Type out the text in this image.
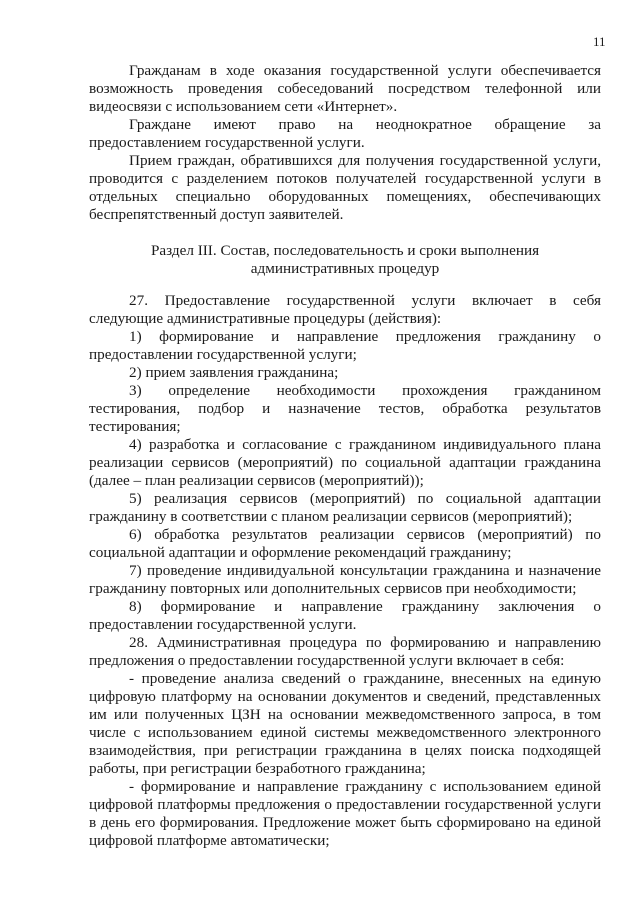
11

Гражданам в ходе оказания государственной услуги обеспечивается возможность проведения собеседований посредством телефонной или видеосвязи с использованием сети «Интернет».

Граждане имеют право на неоднократное обращение за предоставлением государственной услуги.

Прием граждан, обратившихся для получения государственной услуги, проводится с разделением потоков получателей государственной услуги в отдельных специально оборудованных помещениях, обеспечивающих беспрепятственный доступ заявителей.

Раздел III. Состав, последовательность и сроки выполнения
административных процедур

27. Предоставление государственной услуги включает в себя следующие административные процедуры (действия):

1) формирование и направление предложения гражданину о предоставлении государственной услуги;

2) прием заявления гражданина;

3) определение необходимости прохождения гражданином тестирования, подбор и назначение тестов, обработка результатов тестирования;

4) разработка и согласование с гражданином индивидуального плана реализации сервисов (мероприятий) по социальной адаптации гражданина (далее – план реализации сервисов (мероприятий));

5) реализация сервисов (мероприятий) по социальной адаптации гражданину в соответствии с планом реализации сервисов (мероприятий);

6) обработка результатов реализации сервисов (мероприятий) по социальной адаптации и оформление рекомендаций гражданину;

7) проведение индивидуальной консультации гражданина и назначение гражданину повторных или дополнительных сервисов при необходимости;

8) формирование и направление гражданину заключения о предоставлении государственной услуги.

28. Административная процедура по формированию и направлению предложения о предоставлении государственной услуги включает в себя:

- проведение анализа сведений о гражданине, внесенных на единую цифровую платформу на основании документов и сведений, представленных им или полученных ЦЗН на основании межведомственного запроса, в том числе с использованием единой системы межведомственного электронного взаимодействия, при регистрации гражданина в целях поиска подходящей работы, при регистрации безработного гражданина;

- формирование и направление гражданину с использованием единой цифровой платформы предложения о предоставлении государственной услуги в день его формирования. Предложение может быть сформировано на единой цифровой платформе автоматически;
